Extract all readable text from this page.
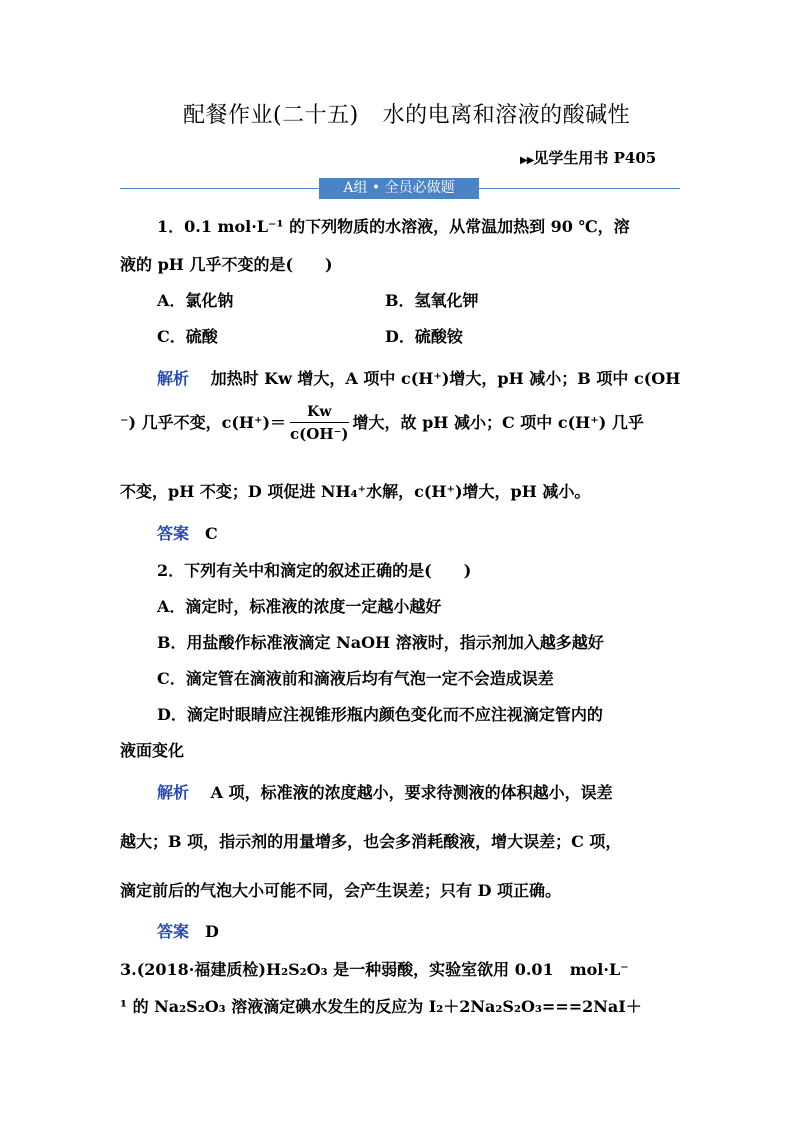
配餐作业(二十五) 水的电离和溶液的酸碱性
▶▶见学生用书 P405
A组 • 全员必做题
1．0.1 mol·L⁻¹ 的下列物质的水溶液，从常温加热到 90 ℃，溶
液的 pH 几乎不变的是(　　)
A．氯化钠	B．氢氧化钾
C．硫酸	D．硫酸铵
解析　 加热时 Kw 增大，A 项中 c(H⁺)增大，pH 减小；B 项中 c(OH
⁻) 几乎不变，$c(H^+)= \frac{Kw}{c(OH^-)}$ 增大，故 pH 减小；C 项中 c(H⁺) 几乎
不变，pH 不变；D 项促进 NH₄⁺水解，c(H⁺)增大，pH 减小。
答案　 C
2．下列有关中和滴定的叙述正确的是(　　)
A．滴定时，标准液的浓度一定越小越好
B．用盐酸作标准液滴定 NaOH 溶液时，指示剂加入越多越好
C．滴定管在滴液前和滴液后均有气泡一定不会造成误差
D．滴定时眼睛应注视锥形瓶内颜色变化而不应注视滴定管内的
液面变化
解析　 A 项，标准液的浓度越小，要求待测液的体积越小，误差
越大；B 项，指示剂的用量增多，也会多消耗酸液，增大误差；C 项，
滴定前后的气泡大小可能不同，会产生误差；只有 D 项正确。
答案　 D
3.(2018·福建质检)H₂S₂O₃ 是一种弱酸，实验室欲用 0.01　mol·L⁻
¹ 的 Na₂S₂O₃ 溶液滴定碘水发生的反应为 I₂＋2Na₂S₂O₃===2NaI＋
